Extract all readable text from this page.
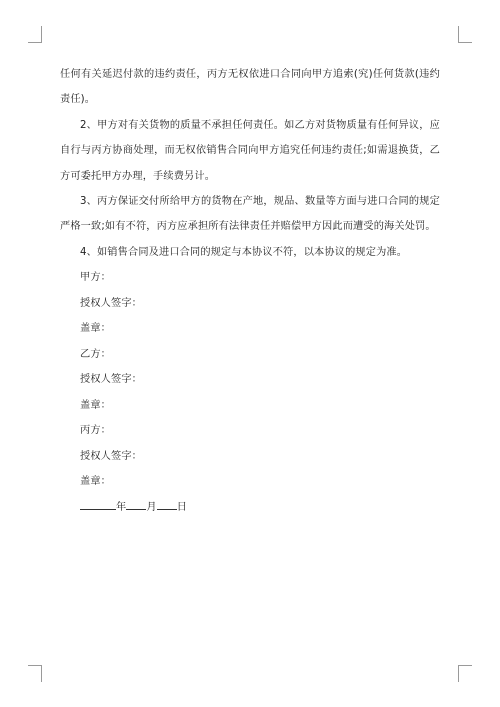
任何有关延迟付款的违约责任，丙方无权依进口合同向甲方追索(究)任何货款(违约责任)。

2、甲方对有关货物的质量不承担任何责任。如乙方对货物质量有任何异议，应自行与丙方协商处理，而无权依销售合同向甲方追究任何违约责任;如需退换货，乙方可委托甲方办理，手续费另计。

3、丙方保证交付所给甲方的货物在产地，规品、数量等方面与进口合同的规定严格一致;如有不符，丙方应承担所有法律责任并赔偿甲方因此而遭受的海关处罚。

4、如销售合同及进口合同的规定与本协议不符，以本协议的规定为准。

甲方：
授权人签字：
盖章：
乙方：
授权人签字：
盖章：
丙方：
授权人签字：
盖章：
年 月 日
